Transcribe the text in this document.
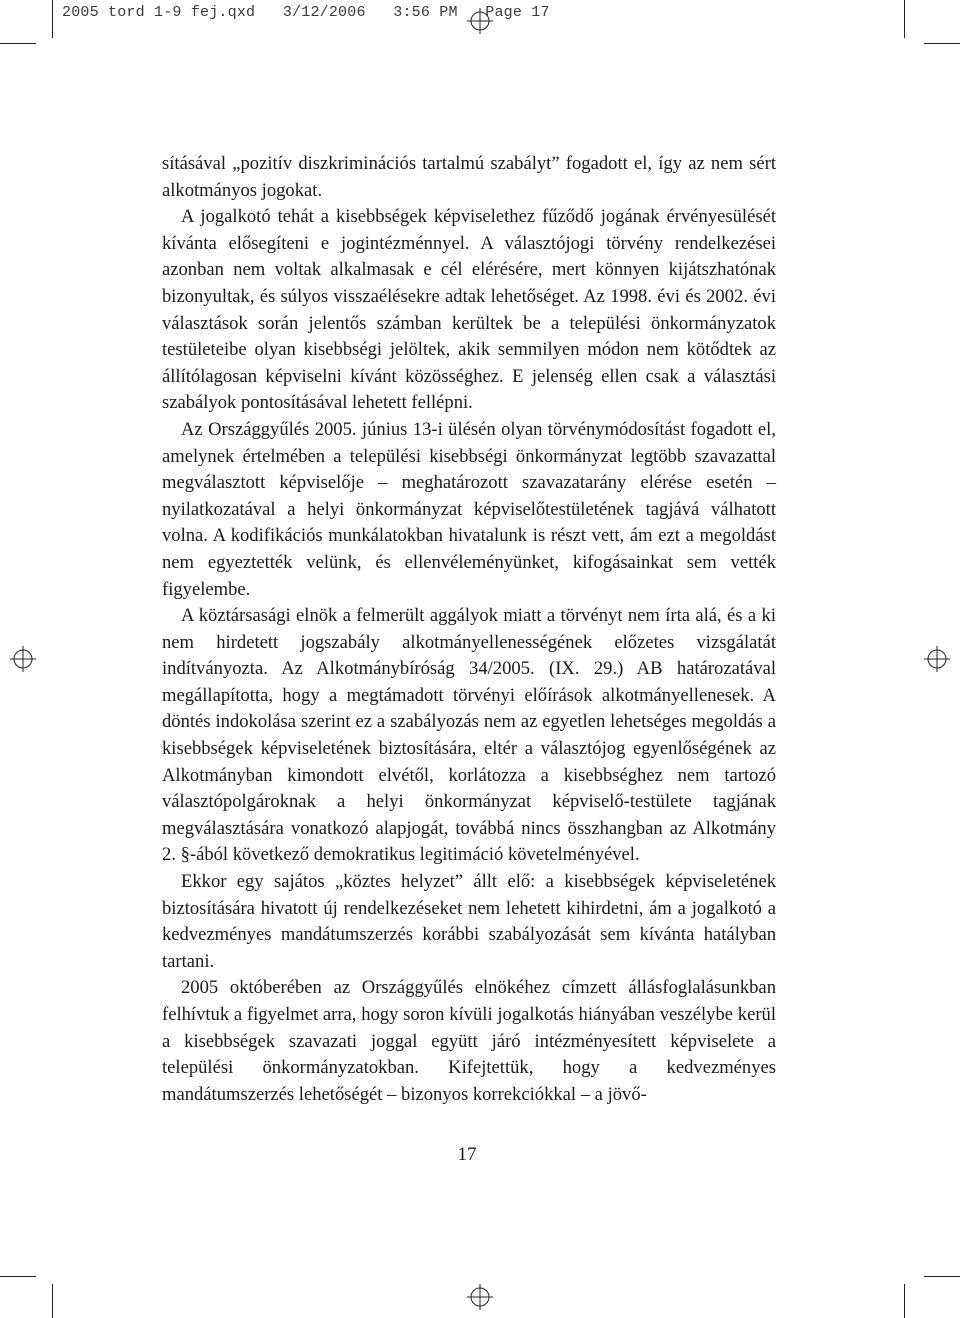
2005 tord 1-9 fej.qxd   3/12/2006   3:56 PM   Page 17

sításával „pozitív diszkriminációs tartalmú szabályt” fogadott el, így az nem sért alkotmányos jogokat.

A jogalkotó tehát a kisebbségek képviselethez fűződő jogának érvényesülését kívánta elősegíteni e jogintézménnyel. A választójogi törvény rendelkezései azonban nem voltak alkalmasak e cél elérésére, mert könnyen kijátszhatónak bizonyultak, és súlyos visszaélésekre adtak lehetőséget. Az 1998. évi és 2002. évi választások során jelentős számban kerültek be a települési önkormányzatok testületeibe olyan kisebbségi jelöltek, akik semmilyen módon nem kötődtek az állítólagosan képviselni kívánt közösséghez. E jelenség ellen csak a választási szabályok pontosításával lehetett fellépni.

Az Országgyűlés 2005. június 13-i ülésén olyan törvénymódosítást fogadott el, amelynek értelmében a települési kisebbségi önkormányzat legtöbb szavazattal megválasztott képviselője – meghatározott szavazatarány elérése esetén – nyilatkozatával a helyi önkormányzat képviselőtestületének tagjává válhatott volna. A kodifikációs munkálatokban hivatalunk is részt vett, ám ezt a megoldást nem egyeztették velünk, és ellenvéleményünket, kifogásainkat sem vették figyelembe.

A köztársasági elnök a felmerült aggályok miatt a törvényt nem írta alá, és a ki nem hirdetett jogszabály alkotmányellenességének előzetes vizsgálatát indítványozta. Az Alkotmánybíróság 34/2005. (IX. 29.) AB határozatával megállapította, hogy a megtámadott törvényi előírások alkotmányellenesek. A döntés indokolása szerint ez a szabályozás nem az egyetlen lehetséges megoldás a kisebbségek képviseletének biztosítására, eltér a választójog egyenlőségének az Alkotmányban kimondott elvétől, korlátozza a kisebbséghez nem tartozó választópolgároknak a helyi önkormányzat képviselő-testülete tagjának megválasztására vonatkozó alapjogát, továbbá nincs összhangban az Alkotmány 2. §-ából következő demokratikus legitimáció követelményével.

Ekkor egy sajátos „köztes helyzet” állt elő: a kisebbségek képviseletének biztosítására hivatott új rendelkezéseket nem lehetett kihirdetni, ám a jogalkotó a kedvezményes mandátumszerzés korábbi szabályozását sem kívánta hatályban tartani.

2005 októberében az Országgyűlés elnökéhez címzett állásfoglalásunkban felhívtuk a figyelmet arra, hogy soron kívüli jogalkotás hiányában veszélybe kerül a kisebbségek szavazati joggal együtt járó intézményesített képviselete a települési önkormányzatokban. Kifejtettük, hogy a kedvezményes mandátumszerzés lehetőségét – bizonyos korrekciókkal – a jövő-

17
